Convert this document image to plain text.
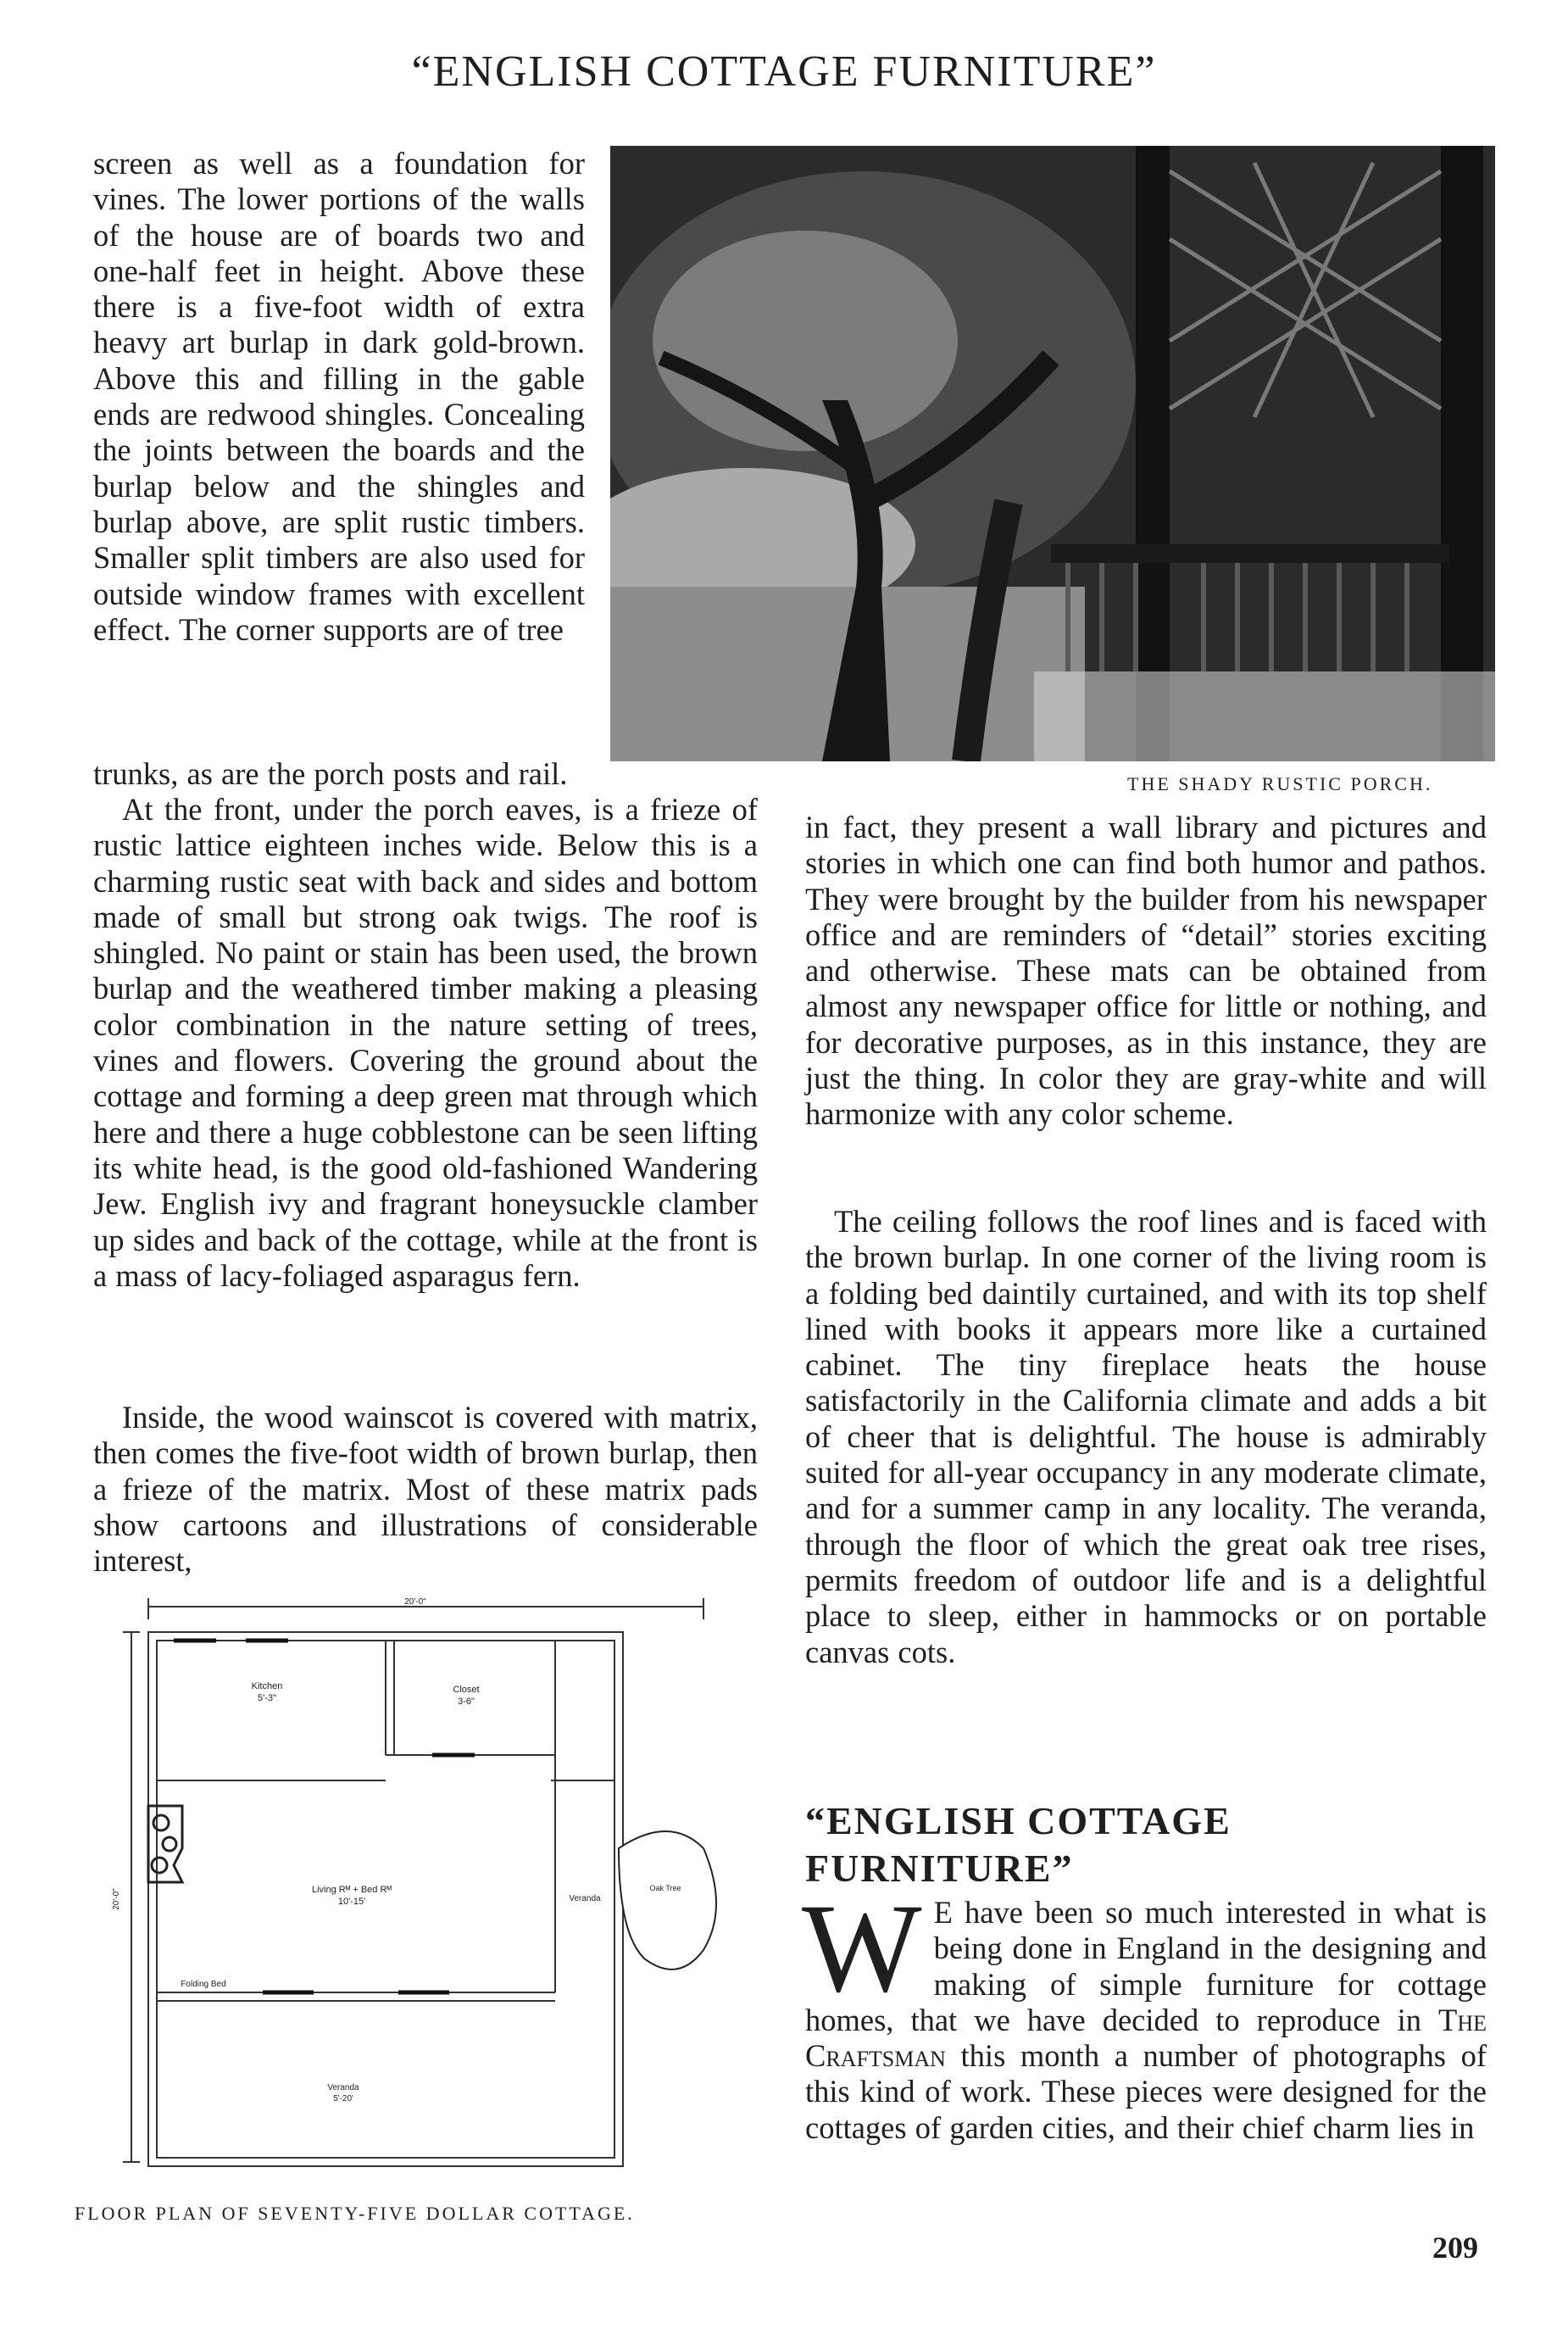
“ENGLISH COTTAGE FURNITURE”

screen as well as a foundation for vines. The lower portions of the walls of the house are of boards two and one-half feet in height. Above these there is a five-foot width of extra heavy art burlap in dark gold-brown. Above this and filling in the gable ends are redwood shingles. Concealing the joints between the boards and the burlap below and the shingles and burlap above, are split rustic timbers. Smaller split timbers are also used for outside window frames with excellent effect. The corner supports are of tree

trunks, as are the porch posts and rail.

At the front, under the porch eaves, is a frieze of rustic lattice eighteen inches wide. Below this is a charming rustic seat with back and sides and bottom made of small but strong oak twigs. The roof is shingled. No paint or stain has been used, the brown burlap and the weathered timber making a pleasing color combination in the nature setting of trees, vines and flowers. Covering the ground about the cottage and forming a deep green mat through which here and there a huge cobblestone can be seen lifting its white head, is the good old-fashioned Wandering Jew. English ivy and fragrant honeysuckle clamber up sides and back of the cottage, while at the front is a mass of lacy-foliaged asparagus fern.

Inside, the wood wainscot is covered with matrix, then comes the five-foot width of brown burlap, then a frieze of the matrix. Most of these matrix pads show cartoons and illustrations of considerable interest,

THE SHADY RUSTIC PORCH.

in fact, they present a wall library and pictures and stories in which one can find both humor and pathos. They were brought by the builder from his newspaper office and are reminders of “detail” stories exciting and otherwise. These mats can be obtained from almost any newspaper office for little or nothing, and for decorative purposes, as in this instance, they are just the thing. In color they are gray-white and will harmonize with any color scheme.

The ceiling follows the roof lines and is faced with the brown burlap. In one corner of the living room is a folding bed daintily curtained, and with its top shelf lined with books it appears more like a curtained cabinet. The tiny fireplace heats the house satisfactorily in the California climate and adds a bit of cheer that is delightful. The house is admirably suited for all-year occupancy in any moderate climate, and for a summer camp in any locality. The veranda, through the floor of which the great oak tree rises, permits freedom of outdoor life and is a delightful place to sleep, either in hammocks or on portable canvas cots.

“ENGLISH COTTAGE FURNITURE”

W E have been so much interested in what is being done in England in the designing and making of simple furniture for cottage homes, that we have decided to reproduce in The Craftsman this month a number of photographs of this kind of work. These pieces were designed for the cottages of garden cities, and their chief charm lies in

20'-0"
20'-0"
Kitchen
5'-3"
Closet
3-6"
Living Rᴹ + Bed Rᴹ
10'-15'
Folding Bed
Veranda
Veranda
5'-20'
Oak Tree
FLOOR PLAN OF SEVENTY-FIVE DOLLAR COTTAGE.
209
